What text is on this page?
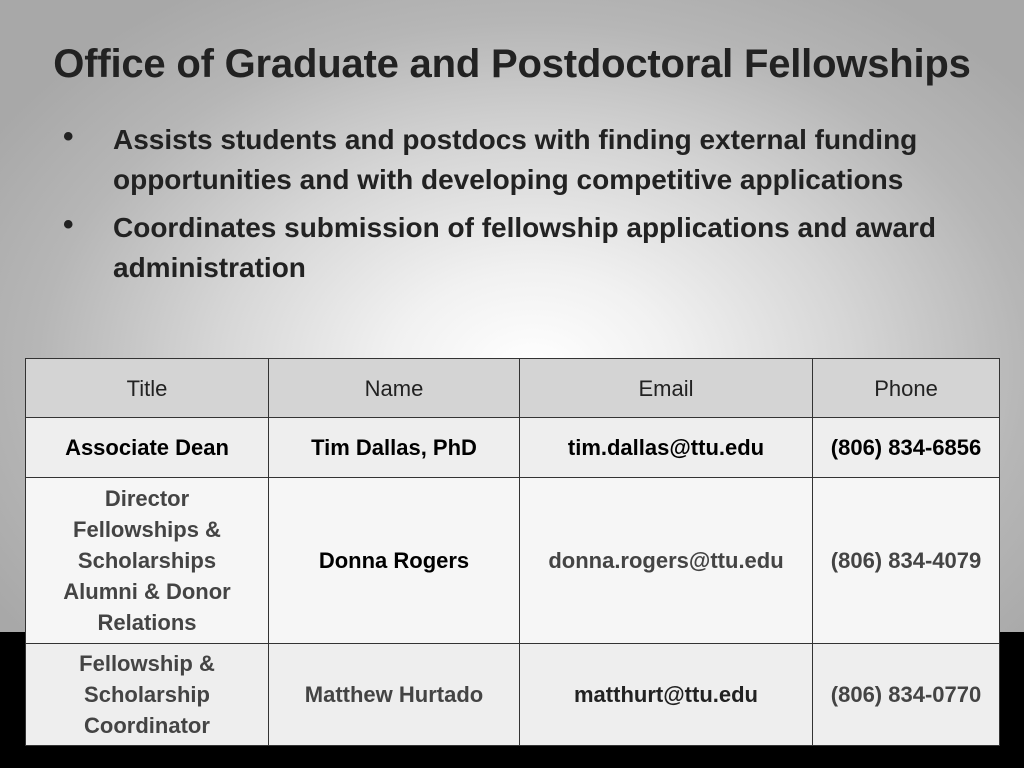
Office of Graduate and Postdoctoral Fellowships
• Assists students and postdocs with finding external funding opportunities and with developing competitive applications
• Coordinates submission of fellowship applications and award administration
Title	Name	Email	Phone

Associate Dean	Tim Dallas, PhD	tim.dallas@ttu.edu	(806) 834-6856

Director
Fellowships &
Scholarships
Alumni & Donor
Relations	Donna Rogers	donna.rogers@ttu.edu	(806) 834-4079

Fellowship &
Scholarship
Coordinator	Matthew Hurtado	matthurt@ttu.edu	(806) 834-0770
